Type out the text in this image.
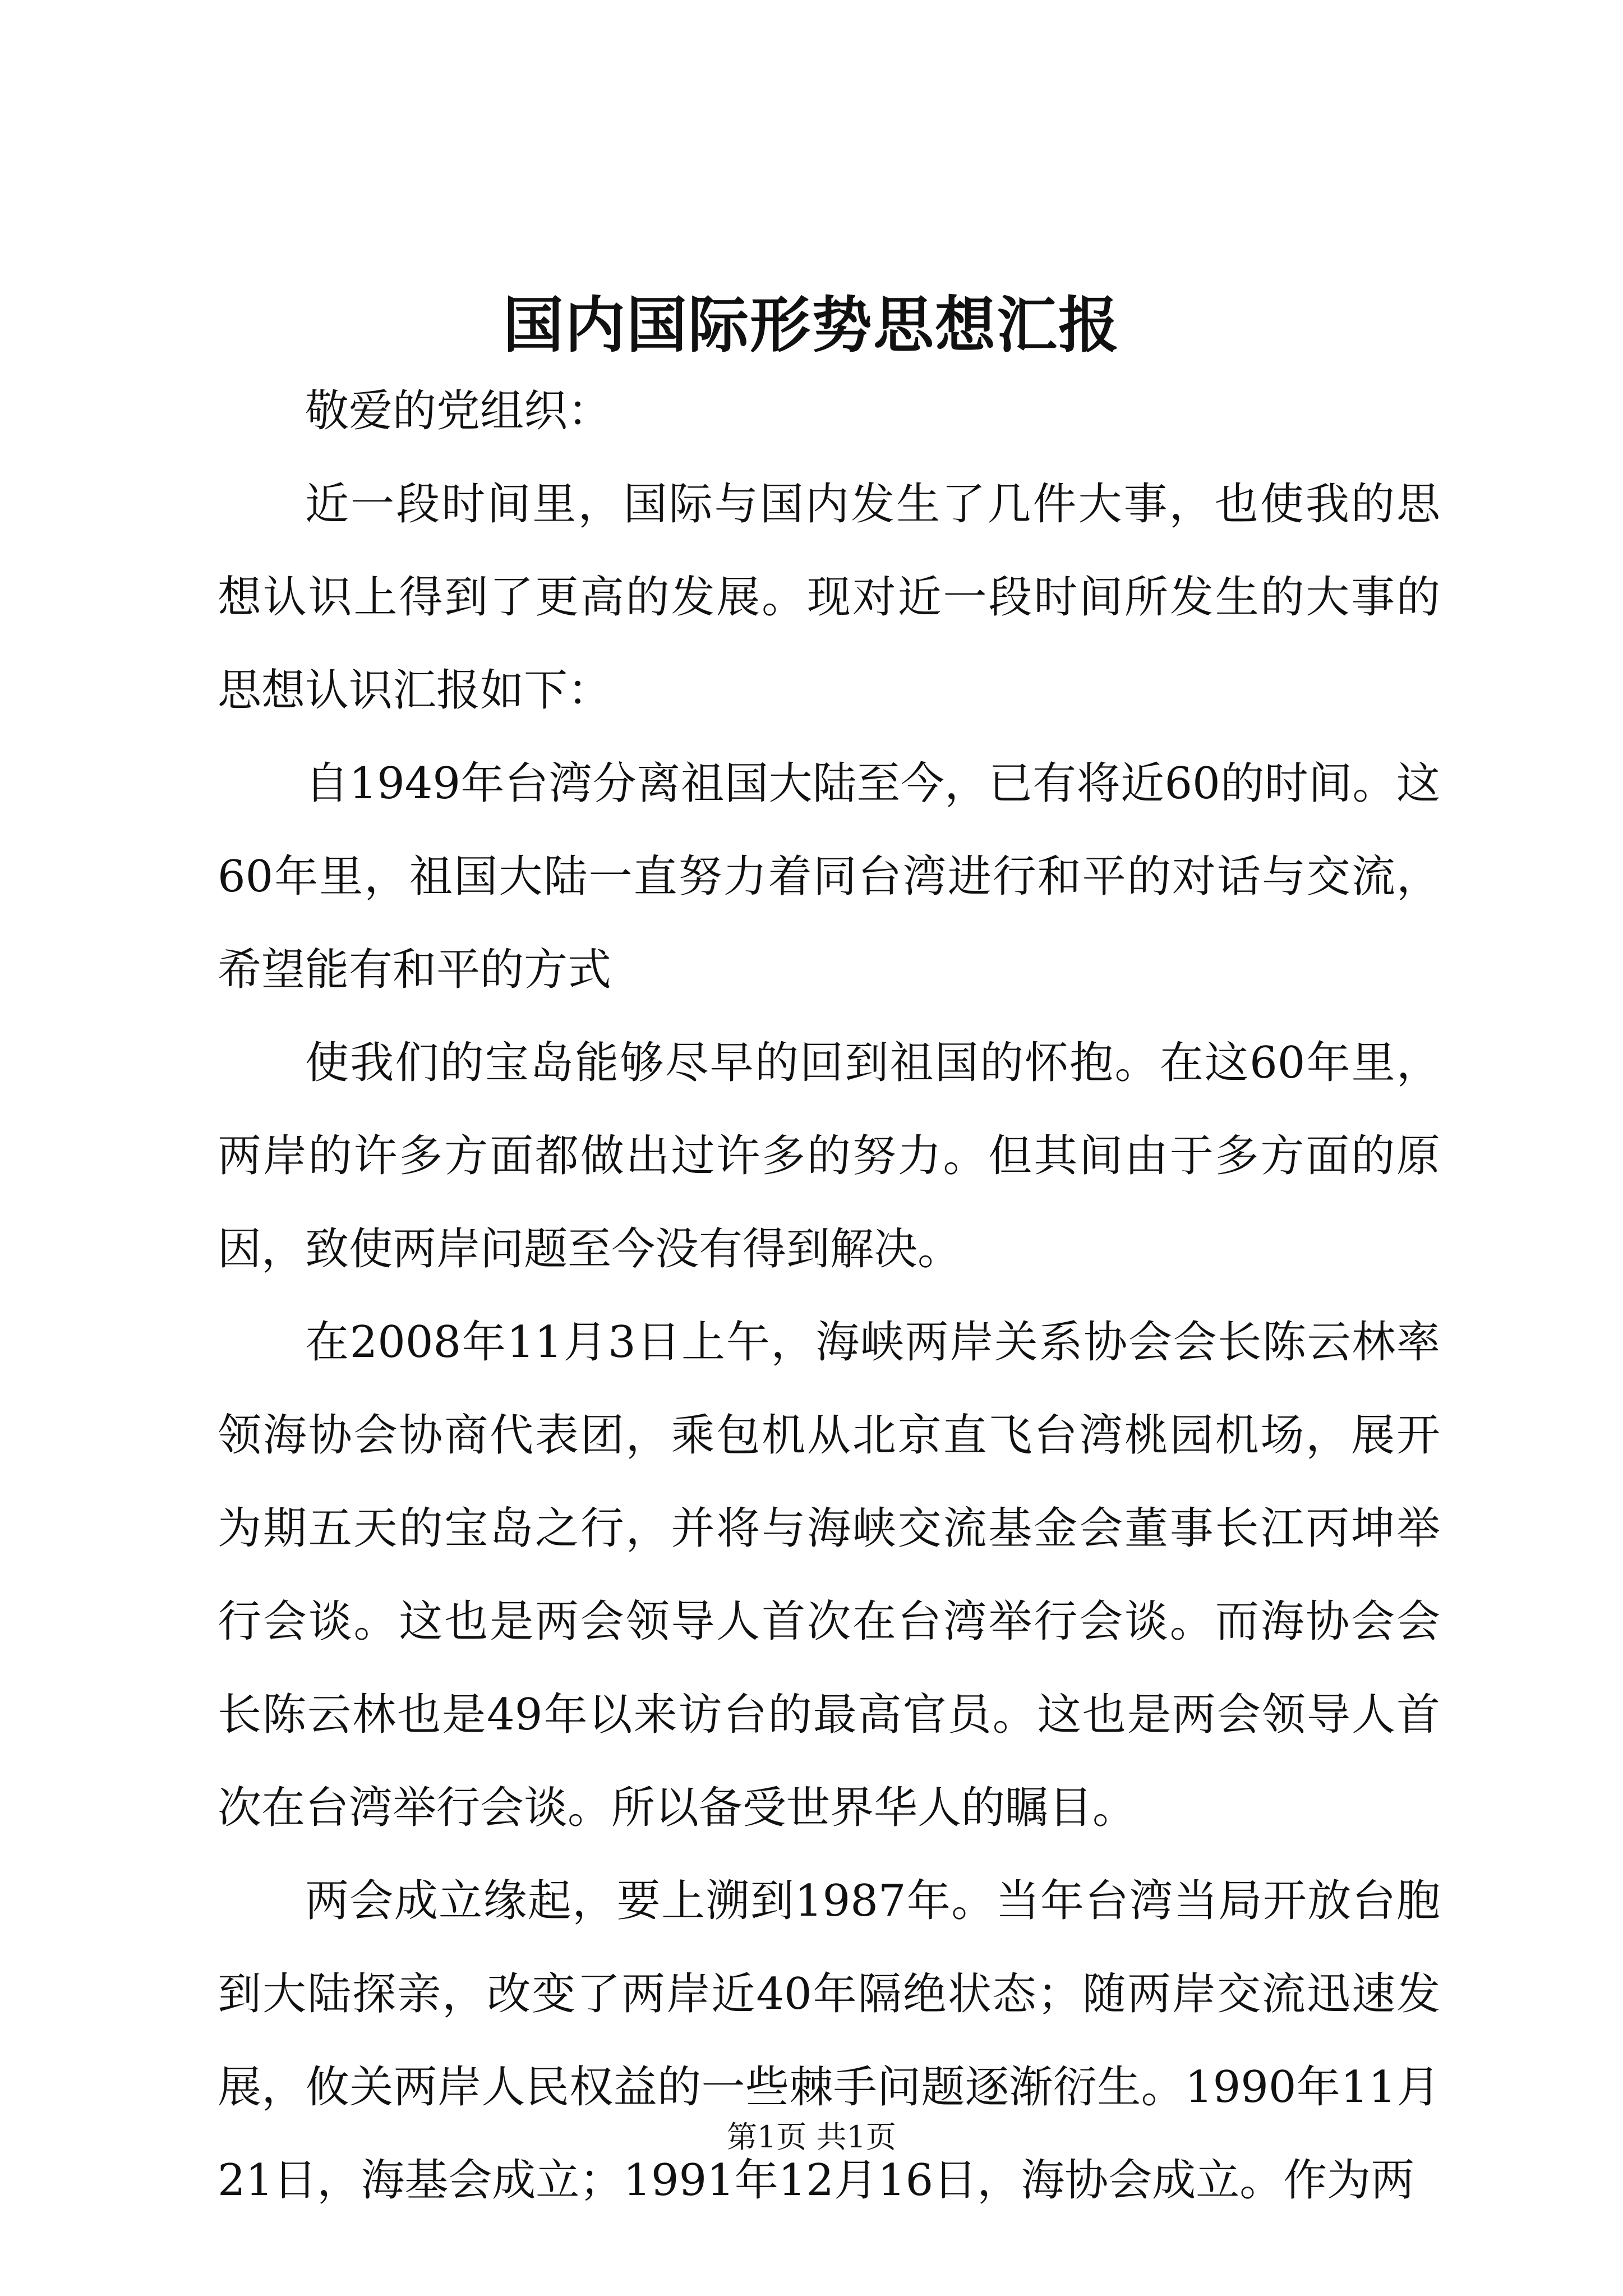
国内国际形势思想汇报

敬爱的党组织：

近一段时间里，国际与国内发生了几件大事，也使我的思想认识上得到了更高的发展。现对近一段时间所发生的大事的思想认识汇报如下：

自1949年台湾分离祖国大陆至今，已有将近60的时间。这60年里，祖国大陆一直努力着同台湾进行和平的对话与交流，希望能有和平的方式

使我们的宝岛能够尽早的回到祖国的怀抱。在这60年里，两岸的许多方面都做出过许多的努力。但其间由于多方面的原因，致使两岸问题至今没有得到解决。

在2008年11月3日上午，海峡两岸关系协会会长陈云林率领海协会协商代表团，乘包机从北京直飞台湾桃园机场，展开为期五天的宝岛之行，并将与海峡交流基金会董事长江丙坤举行会谈。这也是两会领导人首次在台湾举行会谈。而海协会会长陈云林也是49年以来访台的最高官员。这也是两会领导人首次在台湾举行会谈。所以备受世界华人的瞩目。

两会成立缘起，要上溯到1987年。当年台湾当局开放台胞到大陆探亲，改变了两岸近40年隔绝状态；随两岸交流迅速发展，攸关两岸人民权益的一些棘手问题逐渐衍生。1990年11月21日，海基会成立；1991年12月16日，海协会成立。作为两

第1页 共1页
